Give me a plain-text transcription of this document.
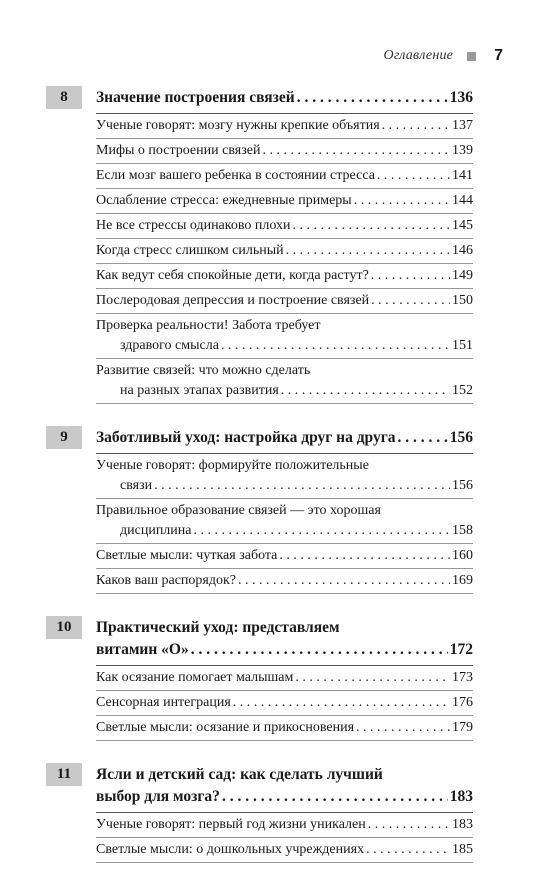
Оглавление	7
8	Значение построения связей . . .	136
Ученые говорят: мозгу нужны крепкие объятия . . .	137
Мифы о построении связей . . .	139
Если мозг вашего ребенка в состоянии стресса . . .	141
Ослабление стресса: ежедневные примеры . . .	144
Не все стрессы одинаково плохи . . .	145
Когда стресс слишком сильный . . .	146
Как ведут себя спокойные дети, когда растут? . . .	149
Послеродовая депрессия и построение связей . . .	150
Проверка реальности! Забота требует
здравого смысла . . .	151
Развитие связей: что можно сделать
на разных этапах развития . . .	152
9	Заботливый уход: настройка друг на друга . . .	156
Ученые говорят: формируйте положительные
связи . . .	156
Правильное образование связей — это хорошая
дисциплина . . .	158
Светлые мысли: чуткая забота . . .	160
Каков ваш распорядок? . . .	169
10	Практический уход: представляем
витамин «О» . . .	172
Как осязание помогает малышам . . .	173
Сенсорная интеграция . . .	176
Светлые мысли: осязание и прикосновения . . .	179
11	Ясли и детский сад: как сделать лучший
выбор для мозга? . . .	183
Ученые говорят: первый год жизни уникален . . .	183
Светлые мысли: о дошкольных учреждениях . . .	185
